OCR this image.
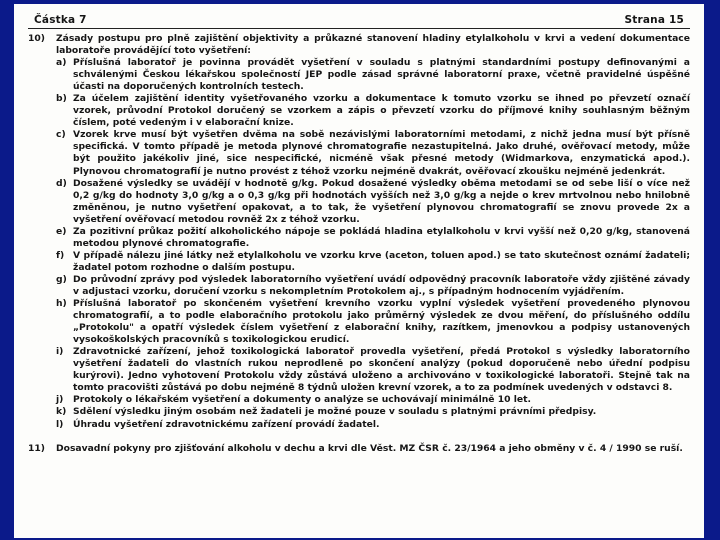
Částka 7	Strana 15
10)	Zásady postupu pro plně zajištění objektivity a průkazné stanovení hladiny etylalkoholu v krvi a vedení dokumentace laboratoře provádějící toto vyšetření:
a) Příslušná laboratoř je povinna provádět vyšetření v souladu s platnými standardními postupy definovanými a schválenými Českou lékařskou společností JEP podle zásad správné laboratorní praxe, včetně pravidelné úspěšné účasti na doporučených kontrolních testech.
b) Za účelem zajištění identity vyšetřovaného vzorku a dokumentace k tomuto vzorku se ihned po převzetí označí vzorek, průvodní Protokol doručený se vzorkem a zápis o převzetí vzorku do příjmové knihy souhlasným běžným číslem, poté vedeným i v elaborační knize.
c) Vzorek krve musí být vyšetřen dvěma na sobě nezávislými laboratorními metodami, z nichž jedna musí být přísně specifická. V tomto případě je metoda plynové chromatografie nezastupitelná. Jako druhé, ověřovací metody, může být použito jakékoliv jiné, sice nespecifické, nicméně však přesné metody (Widmarkova, enzymatická apod.). Plynovou chromatografií je nutno provést z téhož vzorku nejméně dvakrát, ověřovací zkoušku nejméně jedenkrát.
d) Dosažené výsledky se uvádějí v hodnotě g/kg. Pokud dosažené výsledky oběma metodami se od sebe liší o více než 0,2 g/kg do hodnoty 3,0 g/kg a o 0,3 g/kg při hodnotách vyšších než 3,0 g/kg a nejde o krev mrtvolnou nebo hnilobně změněnou, je nutno vyšetření opakovat, a to tak, že vyšetření plynovou chromatografií se znovu provede 2x a vyšetření ověřovací metodou rovněž 2x z téhož vzorku.
e) Za pozitivní průkaz požití alkoholického nápoje se pokládá hladina etylalkoholu v krvi vyšší než 0,20 g/kg, stanovená metodou plynové chromatografie.
f) V případě nálezu jiné látky než etylalkoholu ve vzorku krve (aceton, toluen apod.) se tato skutečnost oznámí žadateli; žadatel potom rozhodne o dalším postupu.
g) Do průvodní zprávy pod výsledek laboratorního vyšetření uvádí odpovědný pracovník laboratoře vždy zjištěné závady v adjustaci vzorku, doručení vzorku s nekompletním Protokolem aj., s případným hodnocením vyjádřením.
h) Příslušná laboratoř po skončeném vyšetření krevního vzorku vyplní výsledek vyšetření provedeného plynovou chromatografií, a to podle elaboračního protokolu jako průměrný výsledek ze dvou měření, do příslušného oddílu „Protokolu" a opatří výsledek číslem vyšetření z elaborační knihy, razítkem, jmenovkou a podpisy ustanovených vysokoškolských pracovníků s toxikologickou erudicí.
i)	Zdravotnické zařízení, jehož toxikologická laboratoř provedla vyšetření, předá Protokol s výsledky laboratorního vyšetření žadateli do vlastních rukou neprodleně po skončení analýzy (pokud doporučeně nebo úřední podpisu kurýrovi). Jedno vyhotovení Protokolu vždy zůstává uloženo a archivováno v toxikologické laboratoři. Stejně tak na tomto pracovišti zůstává po dobu nejméně 8 týdnů uložen krevní vzorek, a to za podmínek uvedených v odstavci 8.
j)	Protokoly o lékařském vyšetření a dokumenty o analýze se uchovávají minimálně 10 let.
k) Sdělení výsledku jiným osobám než žadateli je možné pouze v souladu s platnými právními předpisy.
l)	Úhradu vyšetření zdravotnickému zařízení provádí žadatel.
11)	Dosavadní pokyny pro zjišťování alkoholu v dechu a krvi dle Věst. MZ ČSR č. 23/1964 a jeho obměny v č. 4 / 1990 se ruší.
